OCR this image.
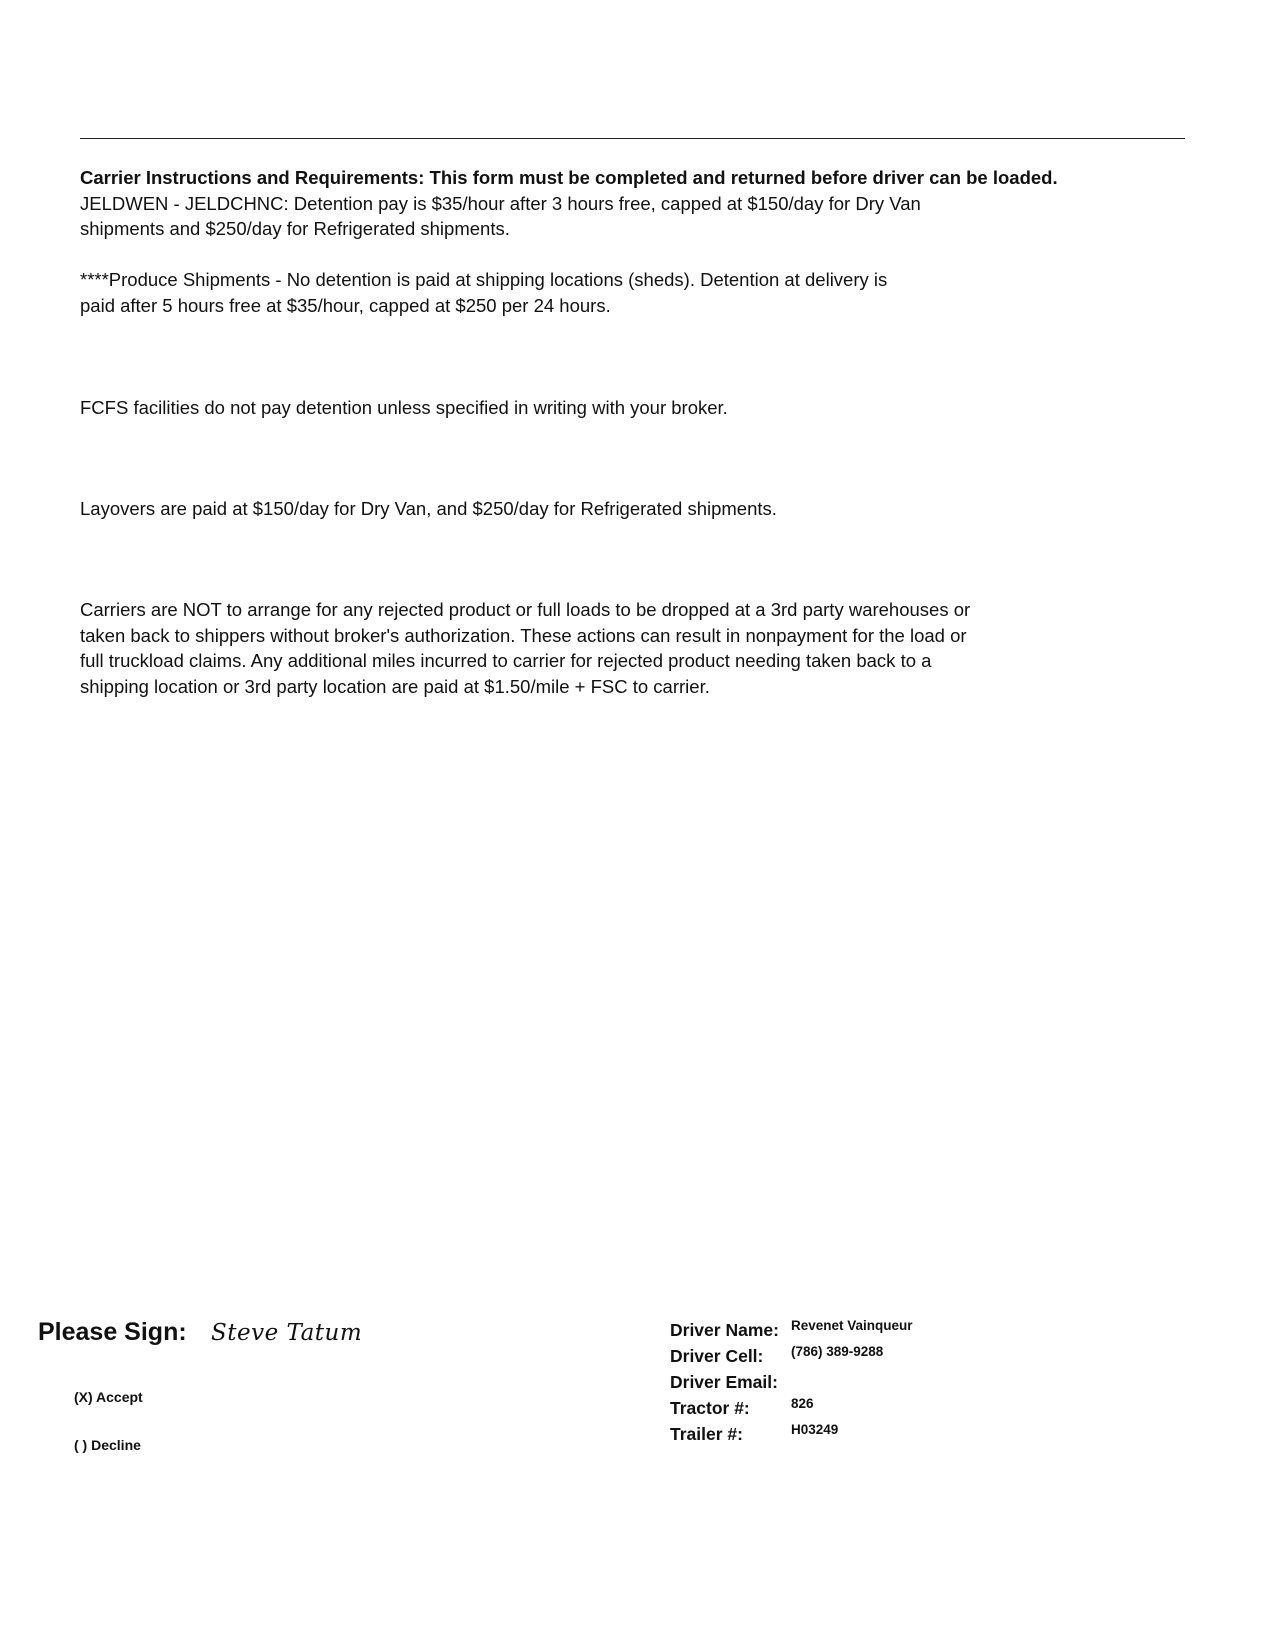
Carrier Instructions and Requirements: This form must be completed and returned before driver can be loaded.
JELDWEN - JELDCHNC: Detention pay is $35/hour after 3 hours free, capped at $150/day for Dry Van
shipments and $250/day for Refrigerated shipments.

****Produce Shipments - No detention is paid at shipping locations (sheds). Detention at delivery is
paid after 5 hours free at $35/hour, capped at $250 per 24 hours.

FCFS facilities do not pay detention unless specified in writing with your broker.

Layovers are paid at $150/day for Dry Van, and $250/day for Refrigerated shipments.

Carriers are NOT to arrange for any rejected product or full loads to be dropped at a 3rd party warehouses or
taken back to shippers without broker's authorization. These actions can result in nonpayment for the load or
full truckload claims. Any additional miles incurred to carrier for rejected product needing taken back to a
shipping location or 3rd party location are paid at $1.50/mile + FSC to carrier.

Please Sign: Steve Tatum
(X) Accept
( ) Decline
Driver Name: Revenet Vainqueur
Driver Cell: (786) 389-9288
Driver Email:
Tractor #:	826
Trailer #:	H03249
